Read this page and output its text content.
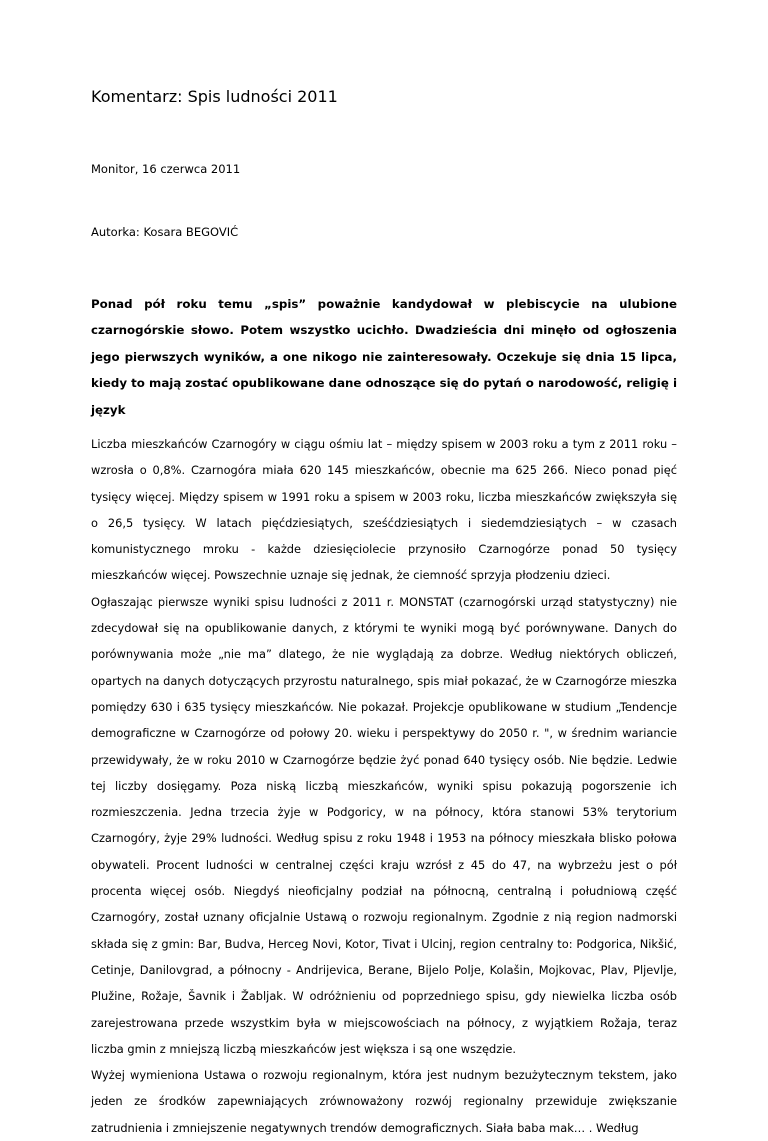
Komentarz: Spis ludności 2011
Monitor, 16 czerwca 2011
Autorka: Kosara BEGOVIĆ

Ponad pół roku temu „spis” poważnie kandydował w plebiscycie na ulubione czarnogórskie słowo. Potem wszystko ucichło. Dwadzieścia dni minęło od ogłoszenia jego pierwszych wyników, a one nikogo nie zainteresowały. Oczekuje się dnia 15 lipca, kiedy to mają zostać opublikowane dane odnoszące się do pytań o narodowość, religię i język

Liczba mieszkańców Czarnogóry w ciągu ośmiu lat – między spisem w 2003 roku a tym z 2011 roku – wzrosła o 0,8%. Czarnogóra miała 620 145 mieszkańców, obecnie ma 625 266. Nieco ponad pięć tysięcy więcej. Między spisem w 1991 roku a spisem w 2003 roku, liczba mieszkańców zwiększyła się o 26,5 tysięcy. W latach pięćdziesiątych, sześćdziesiątych i siedemdziesiątych – w czasach komunistycznego mroku - każde dziesięciolecie przynosiło Czarnogórze ponad 50 tysięcy mieszkańców więcej. Powszechnie uznaje się jednak, że ciemność sprzyja płodzeniu dzieci.

Ogłaszając pierwsze wyniki spisu ludności z 2011 r. MONSTAT (czarnogórski urząd statystyczny) nie zdecydował się na opublikowanie danych, z którymi te wyniki mogą być porównywane. Danych do porównywania może „nie ma” dlatego, że nie wyglądają za dobrze. Według niektórych obliczeń, opartych na danych dotyczących przyrostu naturalnego, spis miał pokazać, że w Czarnogórze mieszka pomiędzy 630 i 635 tysięcy mieszkańców. Nie pokazał. Projekcje opublikowane w studium „Tendencje demograficzne w Czarnogórze od połowy 20. wieku i perspektywy do 2050 r. ", w średnim wariancie przewidywały, że w roku 2010 w Czarnogórze będzie żyć ponad 640 tysięcy osób. Nie będzie. Ledwie tej liczby dosięgamy. Poza niską liczbą mieszkańców, wyniki spisu pokazują pogorszenie ich rozmieszczenia. Jedna trzecia żyje w Podgoricy, w na północy, która stanowi 53% terytorium Czarnogóry, żyje 29% ludności. Według spisu z roku 1948 i 1953 na północy mieszkała blisko połowa obywateli. Procent ludności w centralnej części kraju wzrósł z 45 do 47, na wybrzeżu jest o pół procenta więcej osób. Niegdyś nieoficjalny podział na północną, centralną i południową część Czarnogóry, został uznany oficjalnie Ustawą o rozwoju regionalnym. Zgodnie z nią region nadmorski składa się z gmin: Bar, Budva, Herceg Novi, Kotor, Tivat i Ulcinj, region centralny to: Podgorica, Nikšić, Cetinje, Danilovgrad, a północny - Andrijevica, Berane, Bijelo Polje, Kolašin, Mojkovac, Plav, Pljevlje, Plužine, Rožaje, Šavnik i Žabljak. W odróżnieniu od poprzedniego spisu, gdy niewielka liczba osób zarejestrowana przede wszystkim była w miejscowościach na północy, z wyjątkiem Rožaja, teraz liczba gmin z mniejszą liczbą mieszkańców jest większa i są one wszędzie.

Wyżej wymieniona Ustawa o rozwoju regionalnym, która jest nudnym bezużytecznym tekstem, jako jeden ze środków zapewniających zrównoważony rozwój regionalny przewiduje zwiększanie zatrudnienia i zmniejszenie negatywnych trendów demograficznych. Siała baba mak… . Według
